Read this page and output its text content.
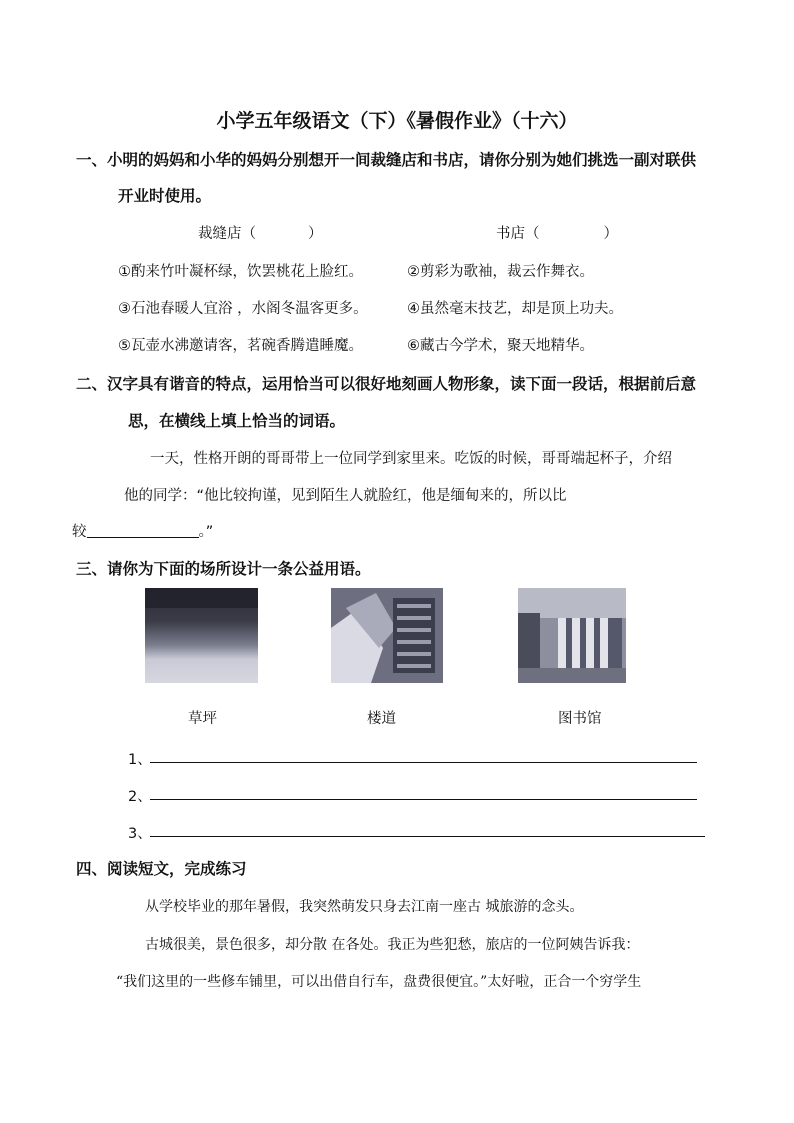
小学五年级语文（下）《暑假作业》（十六）
一、小明的妈妈和小华的妈妈分别想开一间裁缝店和书店，请你分别为她们挑选一副对联供
开业时使用。
裁缝店（	）	书店（	）
①酌来竹叶凝杯绿，饮罢桃花上脸红。	②剪彩为歌袖，裁云作舞衣。
③石池春暖人宜浴 ，水阁冬温客更多。	④虽然毫末技艺，却是顶上功夫。
⑤瓦壶水沸邀请客，茗碗香腾遣睡魔。	⑥藏古今学术，聚天地精华。
二、汉字具有谐音的特点，运用恰当可以很好地刻画人物形象，读下面一段话，根据前后意
思，在横线上填上恰当的词语。
一天，性格开朗的哥哥带上一位同学到家里来。吃饭的时候，哥哥端起杯子，介绍
他的同学：“他比较拘谨，见到陌生人就脸红，他是缅甸来的，所以比
较	。”
三、请你为下面的场所设计一条公益用语。
草坪	楼道	图书馆
1、
2、
3、
四、阅读短文，完成练习
从学校毕业的那年暑假，我突然萌发只身去江南一座古 城旅游的念头。
古城很美，景色很多，却分散 在各处。我正为些犯愁，旅店的一位阿姨告诉我：
“我们这里的一些修车铺里，可以出借自行车，盘费很便宜。”太好啦，正合一个穷学生
